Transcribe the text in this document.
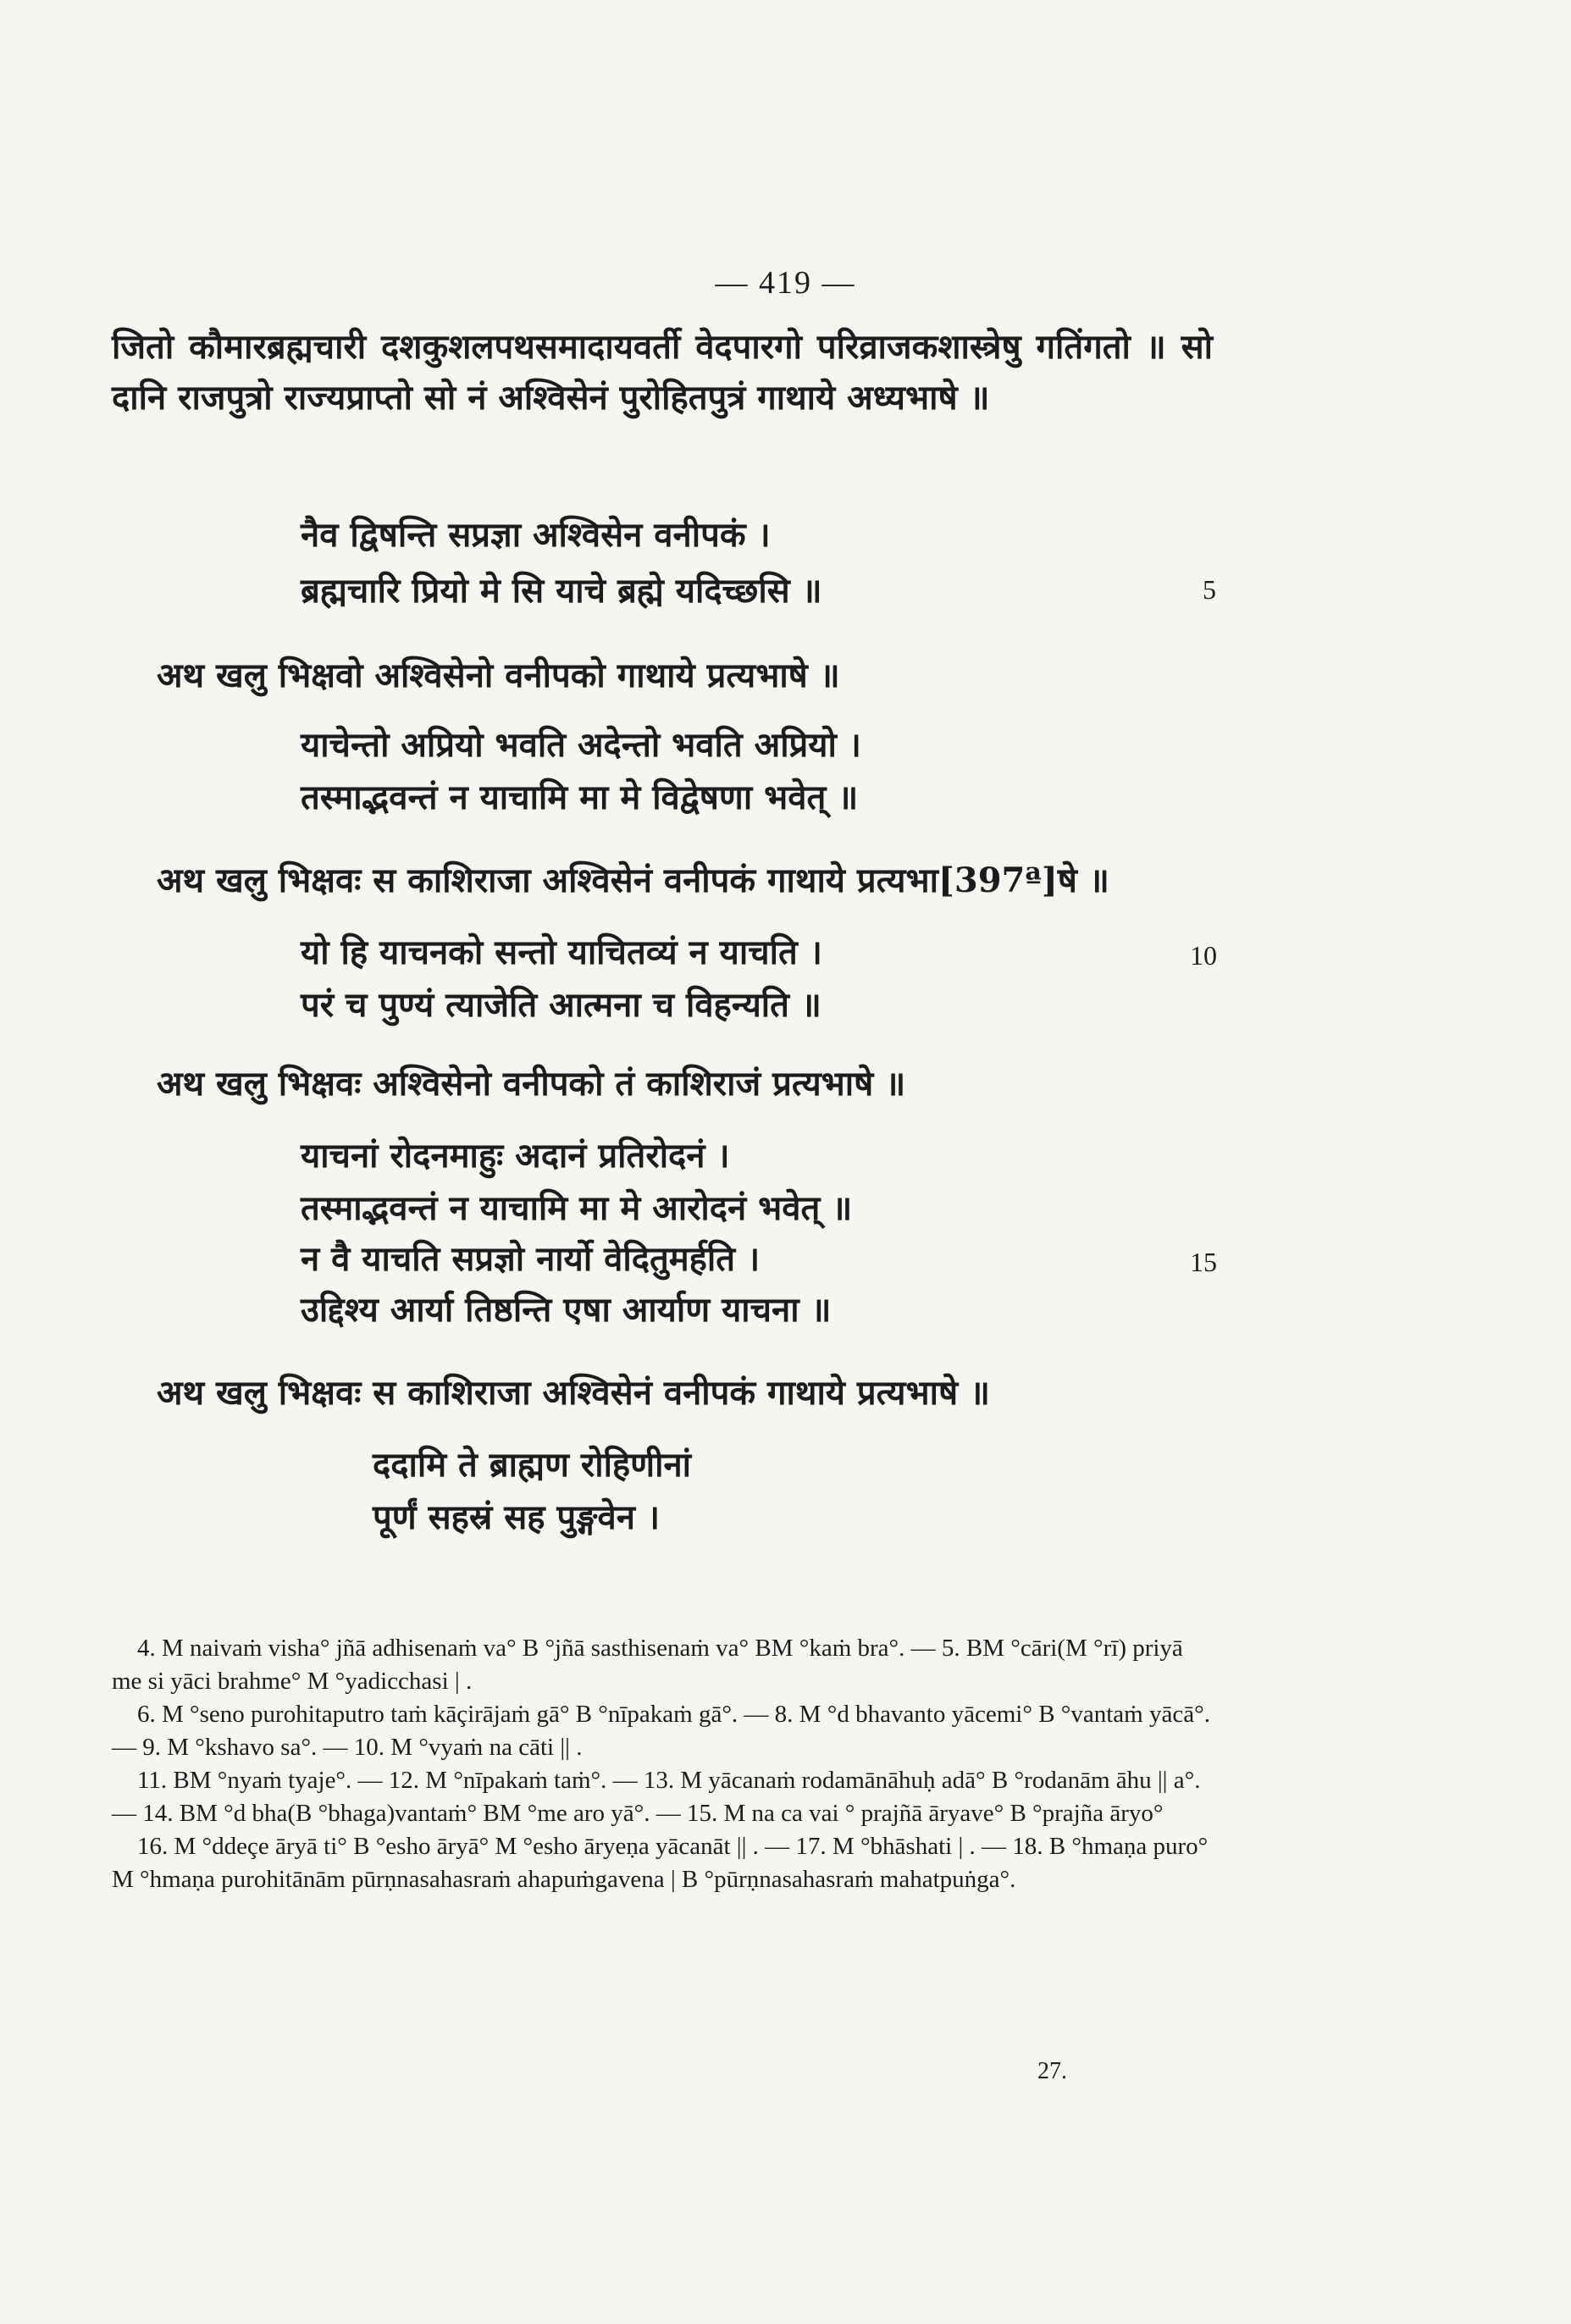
— 419 —

जितो कौमारब्रह्मचारी दशकुशलपथसमादायवर्ती वेदपारगो परिव्राजकशास्त्रेषु गतिंगतो ॥ सो दानि राजपुत्रो राज्यप्राप्तो सो नं अश्विसेनं पुरोहितपुत्रं गाथाये अध्यभाषे ॥

नैव द्विषन्ति सप्रज्ञा अश्विसेन वनीपकं ।

ब्रह्मचारि प्रियो मे सि याचे ब्रह्मे यदिच्छसि ॥	5

अथ खलु भिक्षवो अश्विसेनो वनीपको गाथाये प्रत्यभाषे ॥

याचेन्तो अप्रियो भवति अदेन्तो भवति अप्रियो ।

तस्माद्भवन्तं न याचामि मा मे विद्वेषणा भवेत् ॥

अथ खलु भिक्षवः स काशिराजा अश्विसेनं वनीपकं गाथाये प्रत्यभा[397ª]षे ॥

यो हि याचनको सन्तो याचितव्यं न याचति ।	10

परं च पुण्यं त्याजेति आत्मना च विहन्यति ॥

अथ खलु भिक्षवः अश्विसेनो वनीपको तं काशिराजं प्रत्यभाषे ॥

याचनां रोदनमाहुः अदानं प्रतिरोदनं ।

तस्माद्भवन्तं न याचामि मा मे आरोदनं भवेत् ॥

न वै याचति सप्रज्ञो नार्यो वेदितुमर्हति ।	15

उद्दिश्य आर्या तिष्ठन्ति एषा आर्याण याचना ॥

अथ खलु भिक्षवः स काशिराजा अश्विसेनं वनीपकं गाथाये प्रत्यभाषे ॥

ददामि ते ब्राह्मण रोहिणीनां

पूर्णं सहस्रं सह पुङ्गवेन ।

4. M naivaṁ visha° jñā adhisenaṁ va° B °jñā sasthisenaṁ va° BM °kaṁ bra°. — 5. BM °cāri(M °rī) priyā me si yāci brahme° M °yadicchasi | .

6. M °seno purohitaputro taṁ kāçirājaṁ gā° B °nīpakaṁ gā°. — 8. M °d bhavanto yācemi° B °vantaṁ yācā°. — 9. M °kshavo sa°. — 10. M °vyaṁ na cāti || .

11. BM °nyaṁ tyaje°. — 12. M °nīpakaṁ taṁ°. — 13. M yācanaṁ rodamānāhuḥ adā° B °rodanām āhu || a°. — 14. BM °d bha(B °bhaga)vantaṁ° BM °me aro yā°. — 15. M na ca vai ° prajñā āryave° B °prajña āryo°

16. M °ddeçe āryā ti° B °esho āryā° M °esho āryeṇa yācanāt || . — 17. M °bhāshati | . — 18. B °hmaṇa puro° M °hmaṇa purohitānām pūrṇnasahasraṁ ahapuṁgavena | B °pūrṇnasahasraṁ mahatpuṅga°.

27.
